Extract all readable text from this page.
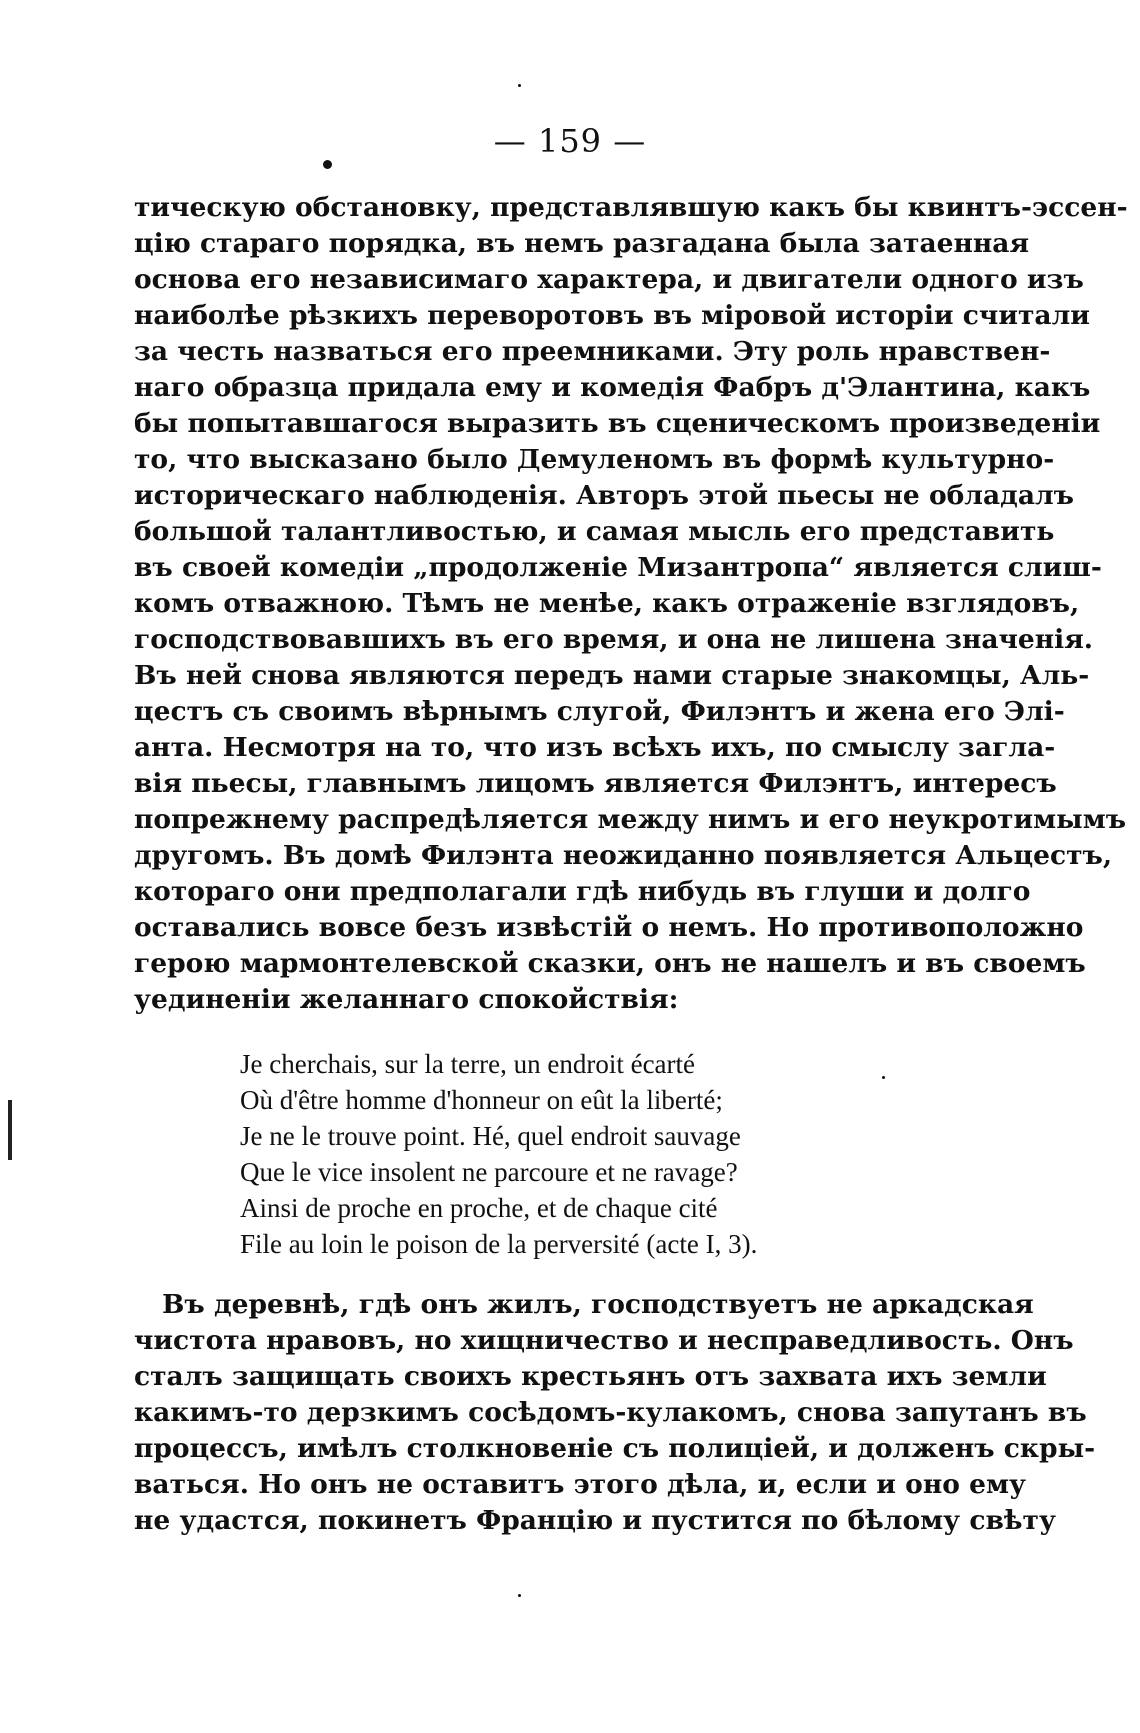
— 159 —
тическую обстановку, представлявшую какъ бы квинтъ-эссен-
цію стараго порядка, въ немъ разгадана была затаенная
основа его независимаго характера, и двигатели одного изъ
наиболѣе рѣзкихъ переворотовъ въ міровой исторіи считали
за честь назваться его преемниками. Эту роль нравствен-
наго образца придала ему и комедія Фабръ д'Элантина, какъ
бы попытавшагося выразить въ сценическомъ произведеніи
то, что высказано было Демуленомъ въ формѣ культурно-
историческаго наблюденія. Авторъ этой пьесы не обладалъ
большой талантливостью, и самая мысль его представить
въ своей комедіи „продолженіе Мизантропа“ является слиш-
комъ отважною. Тѣмъ не менѣе, какъ отраженіе взглядовъ,
господствовавшихъ въ его время, и она не лишена значенія.
Въ ней снова являются передъ нами старые знакомцы, Аль-
цестъ съ своимъ вѣрнымъ слугой, Филэнтъ и жена его Элі-
анта. Несмотря на то, что изъ всѣхъ ихъ, по смыслу загла-
вія пьесы, главнымъ лицомъ является Филэнтъ, интересъ
попрежнему распредѣляется между нимъ и его неукротимымъ
другомъ. Въ домѣ Филэнта неожиданно появляется Альцестъ,
котораго они предполагали гдѣ нибудь въ глуши и долго
оставались вовсе безъ извѣстій о немъ. Но противоположно
герою мармонтелевской сказки, онъ не нашелъ и въ своемъ
уединеніи желаннаго спокойствія:
Je cherchais, sur la terre, un endroit écarté
Où d'être homme d'honneur on eût la liberté;
Je ne le trouve point. Hé, quel endroit sauvage
Que le vice insolent ne parcoure et ne ravage?
Ainsi de proche en proche, et de chaque cité
File au loin le poison de la perversité (acte I, 3).
Въ деревнѣ, гдѣ онъ жилъ, господствуетъ не аркадская
чистота нравовъ, но хищничество и несправедливость. Онъ
сталъ защищать своихъ крестьянъ отъ захвата ихъ земли
какимъ-то дерзкимъ сосѣдомъ-кулакомъ, снова запутанъ въ
процессъ, имѣлъ столкновеніе съ полиціей, и долженъ скры-
ваться. Но онъ не оставитъ этого дѣла, и, если и оно ему
не удастся, покинетъ Францію и пустится по бѣлому свѣту
